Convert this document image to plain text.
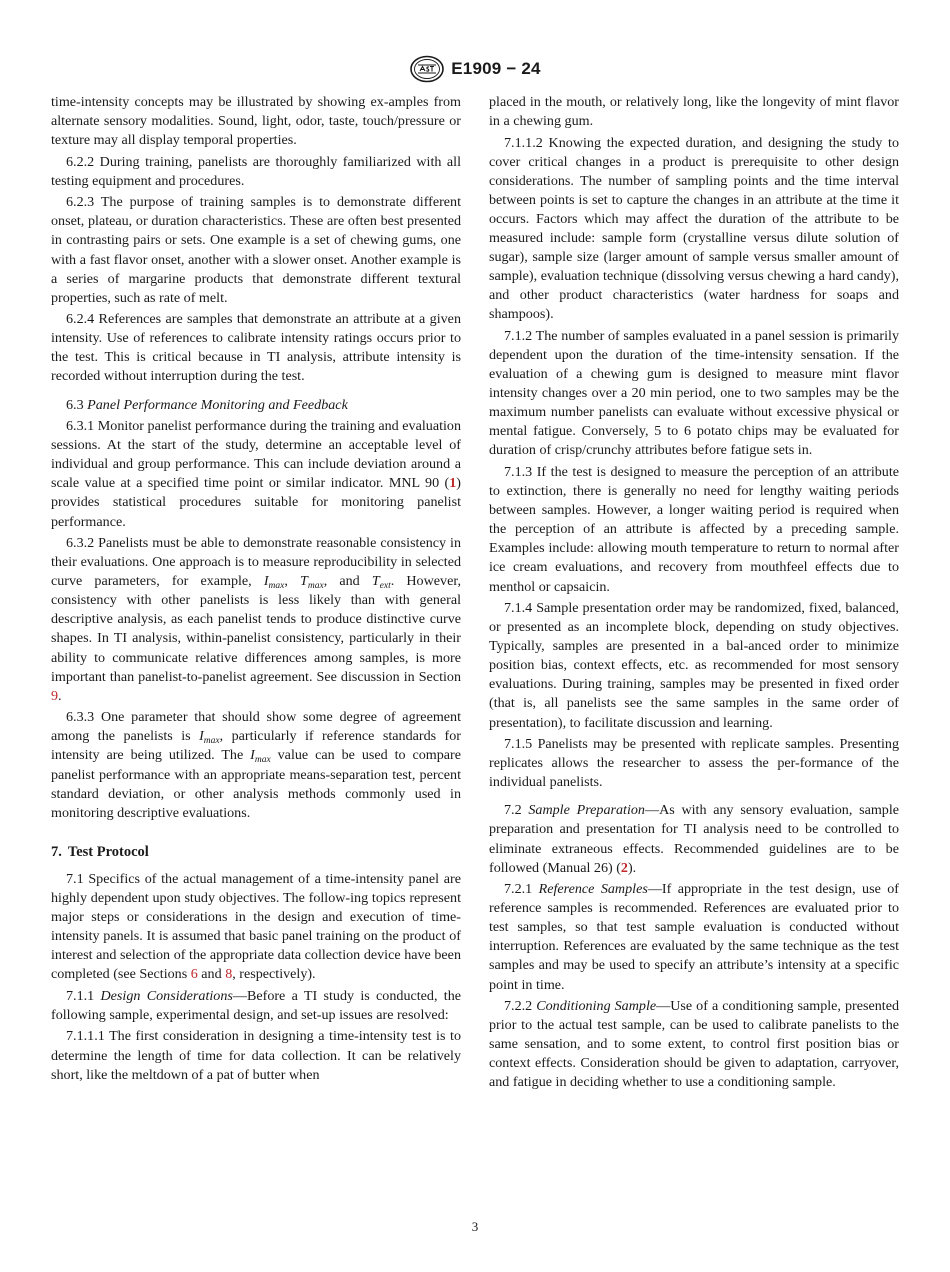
E1909 − 24

time-intensity concepts may be illustrated by showing ex-amples from alternate sensory modalities. Sound, light, odor, taste, touch/pressure or texture may all display temporal properties.

6.2.2 During training, panelists are thoroughly familiarized with all testing equipment and procedures.

6.2.3 The purpose of training samples is to demonstrate different onset, plateau, or duration characteristics. These are often best presented in contrasting pairs or sets. One example is a set of chewing gums, one with a fast flavor onset, another with a slower onset. Another example is a series of margarine products that demonstrate different textural properties, such as rate of melt.

6.2.4 References are samples that demonstrate an attribute at a given intensity. Use of references to calibrate intensity ratings occurs prior to the test. This is critical because in TI analysis, attribute intensity is recorded without interruption during the test.

6.3 Panel Performance Monitoring and Feedback

6.3.1 Monitor panelist performance during the training and evaluation sessions. At the start of the study, determine an acceptable level of individual and group performance. This can include deviation around a scale value at a specified time point or similar indicator. MNL 90 (1) provides statistical procedures suitable for monitoring panelist performance.

6.3.2 Panelists must be able to demonstrate reasonable consistency in their evaluations. One approach is to measure reproducibility in selected curve parameters, for example, $I_{max}$, $T_{max}$, and $T_{ext}$. However, consistency with other panelists is less likely than with general descriptive analysis, as each panelist tends to produce distinctive curve shapes. In TI analysis, within-panelist consistency, particularly in their ability to communicate relative differences among samples, is more important than panelist-to-panelist agreement. See discussion in Section 9.

6.3.3 One parameter that should show some degree of agreement among the panelists is $I_{max}$, particularly if reference standards for intensity are being utilized. The $I_{max}$ value can be used to compare panelist performance with an appropriate means-separation test, percent standard deviation, or other analysis methods commonly used in monitoring descriptive evaluations.

7. Test Protocol

7.1 Specifics of the actual management of a time-intensity panel are highly dependent upon study objectives. The follow-ing topics represent major steps or considerations in the design and execution of time-intensity panels. It is assumed that basic panel training on the product of interest and selection of the appropriate data collection device have been completed (see Sections 6 and 8, respectively).

7.1.1 Design Considerations—Before a TI study is conducted, the following sample, experimental design, and set-up issues are resolved:

7.1.1.1 The first consideration in designing a time-intensity test is to determine the length of time for data collection. It can be relatively short, like the meltdown of a pat of butter when

placed in the mouth, or relatively long, like the longevity of mint flavor in a chewing gum.

7.1.1.2 Knowing the expected duration, and designing the study to cover critical changes in a product is prerequisite to other design considerations. The number of sampling points and the time interval between points is set to capture the changes in an attribute at the time it occurs. Factors which may affect the duration of the attribute to be measured include: sample form (crystalline versus dilute solution of sugar), sample size (larger amount of sample versus smaller amount of sample), evaluation technique (dissolving versus chewing a hard candy), and other product characteristics (water hardness for soaps and shampoos).

7.1.2 The number of samples evaluated in a panel session is primarily dependent upon the duration of the time-intensity sensation. If the evaluation of a chewing gum is designed to measure mint flavor intensity changes over a 20 min period, one to two samples may be the maximum number panelists can evaluate without excessive physical or mental fatigue. Conversely, 5 to 6 potato chips may be evaluated for duration of crisp/crunchy attributes before fatigue sets in.

7.1.3 If the test is designed to measure the perception of an attribute to extinction, there is generally no need for lengthy waiting periods between samples. However, a longer waiting period is required when the perception of an attribute is affected by a preceding sample. Examples include: allowing mouth temperature to return to normal after ice cream evaluations, and recovery from mouthfeel effects due to menthol or capsaicin.

7.1.4 Sample presentation order may be randomized, fixed, balanced, or presented as an incomplete block, depending on study objectives. Typically, samples are presented in a bal-anced order to minimize position bias, context effects, etc. as recommended for most sensory evaluations. During training, samples may be presented in fixed order (that is, all panelists see the same samples in the same order of presentation), to facilitate discussion and learning.

7.1.5 Panelists may be presented with replicate samples. Presenting replicates allows the researcher to assess the per-formance of the individual panelists.

7.2 Sample Preparation—As with any sensory evaluation, sample preparation and presentation for TI analysis need to be controlled to eliminate extraneous effects. Recommended guidelines are to be followed (Manual 26) (2).

7.2.1 Reference Samples—If appropriate in the test design, use of reference samples is recommended. References are evaluated prior to test samples, so that test sample evaluation is conducted without interruption. References are evaluated by the same technique as the test samples and may be used to specify an attribute’s intensity at a specific point in time.

7.2.2 Conditioning Sample—Use of a conditioning sample, presented prior to the actual test sample, can be used to calibrate panelists to the same sensation, and to some extent, to control first position bias or context effects. Consideration should be given to adaptation, carryover, and fatigue in deciding whether to use a conditioning sample.

3
